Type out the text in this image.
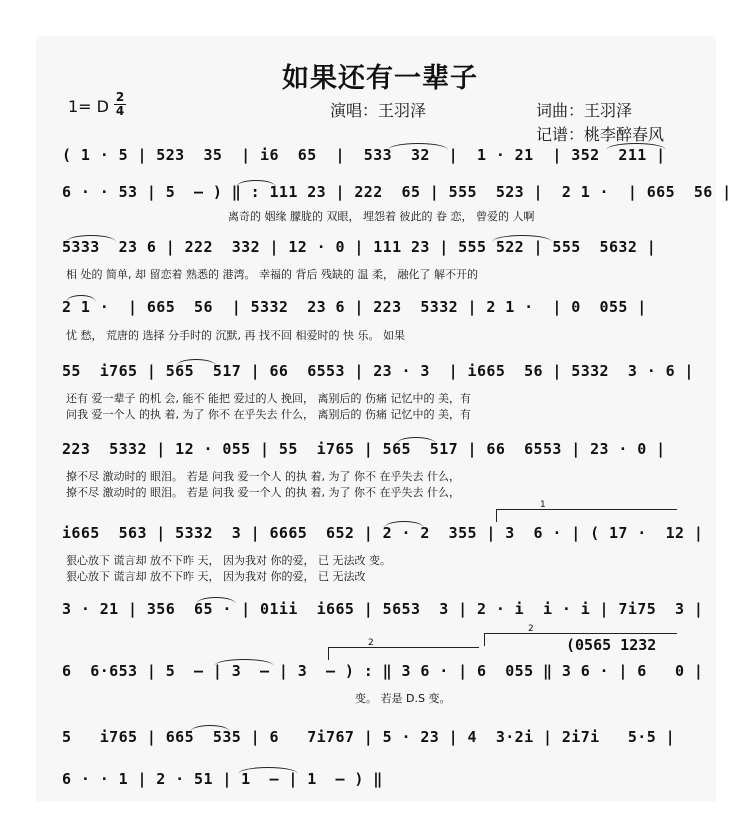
如果还有一辈子
1= D 2
4	演唱：王羽泽	词曲：王羽泽
记谱：桃李醉春风
( 1 · 5 | 523  35  | i6  65  |  533  32  |  1 · 21  | 352  211 |
6 · · 53 | 5  – ) ‖ : 111 23 | 222  65 | 555  523 |  2 1 ·  | 665  56 |
离奇的 姻缘 朦胧的 双眼， 埋怨着 彼此的 眷 恋， 曾爱的 人啊
5333  23 6 | 222  332 | 12 · 0 | 111 23 | 555 522 | 555  5632 |
相 处的 简单, 却 留恋着 熟悉的 港湾。 幸福的 背后 残缺的 温 柔， 融化了 解不开的
2 1 ·  | 665  56  | 5332  23 6 | 223  5332 | 2 1 ·  | 0  055 |
忧 愁， 荒唐的 选择 分手时的 沉默, 再 找不回 相爱时的 快 乐。 如果
55  i765 | 565  517 | 66  6553 | 23 · 3  | i665  56 | 5332  3 · 6 |
还有 爱一辈子 的机 会, 能不 能把 爱过的人 挽回， 离别后的 伤痛 记忆中的 美，有
问我 爱一个人 的执 着, 为了 你不 在乎失去 什么， 离别后的 伤痛 记忆中的 美，有
223  5332 | 12 · 055 | 55  i765 | 565  517 | 66  6553 | 23 · 0 |
撩不尽 激动时的 眼泪。 若是 问我 爱一个人 的执 着, 为了 你不 在乎失去 什么，
撩不尽 激动时的 眼泪。 若是 问我 爱一个人 的执 着, 为了 你不 在乎失去 什么，
1
i665  563 | 5332  3 | 6665  652 | 2 · 2  355 | 3  6 · | ( 17 ·  12 |
狠心放下 谎言却 放不下昨 天， 因为我对 你的爱， 已 无法改 变。
狠心放下 谎言却 放不下昨 天， 因为我对 你的爱， 已 无法改
3 · 21 | 356  65 · | 01ii  i665 | 5653  3 | 2 · i  i · i | 7i75  3 |
2
2
(0565 1232
6  6·653 | 5  – | 3  – | 3  – ) : ‖ 3 6 · | 6  055 ‖ 3 6 · | 6   0 |
变。 若是 D.S 变。
5   i765 | 665  535 | 6   7i767 | 5 · 23 | 4  3·2i | 2i7i   5·5 |
6 · · 1 | 2 · 51 | 1  – | 1  – ) ‖
